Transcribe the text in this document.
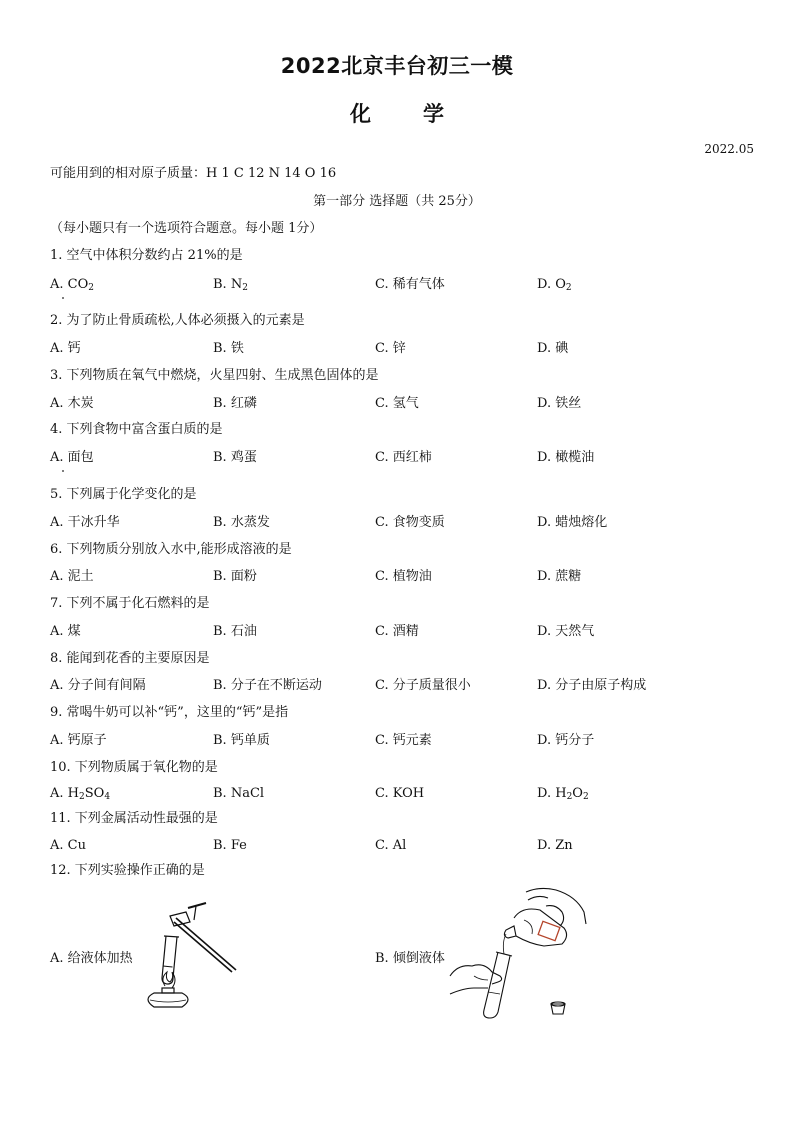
2022北京丰台初三一模
化 学
2022.05
可能用到的相对原子质量：H 1 C 12 N 14 O 16
第一部分 选择题（共 25分）
（每小题只有一个选项符合题意。每小题 1分）
1. 空气中体积分数约占 21%的是
A. $CO_2$	B. $N_2$	C. 稀有气体	D. $O_2$
2. 为了防止骨质疏松,人体必须摄入的元素是
A. 钙	B. 铁	C. 锌	D. 碘
3. 下列物质在氧气中燃烧，火星四射、生成黑色固体的是
A. 木炭	B. 红磷	C. 氢气	D. 铁丝
4. 下列食物中富含蛋白质的是
A. 面包	B. 鸡蛋	C. 西红柿	D. 橄榄油
5. 下列属于化学变化的是
A. 干冰升华	B. 水蒸发	C. 食物变质	D. 蜡烛熔化
6. 下列物质分别放入水中,能形成溶液的是
A. 泥土	B. 面粉	C. 植物油	D. 蔗糖
7. 下列不属于化石燃料的是
A. 煤	B. 石油	C. 酒精	D. 天然气
8. 能闻到花香的主要原因是
A. 分子间有间隔	B. 分子在不断运动	C. 分子质量很小	D. 分子由原子构成
9. 常喝牛奶可以补“钙”，这里的“钙”是指
A. 钙原子	B. 钙单质	C. 钙元素	D. 钙分子
10. 下列物质属于氧化物的是
A. $H_2SO_4$	B. NaCl	C. KOH	D. $H_2O_2$
11. 下列金属活动性最强的是
A. Cu	B. Fe	C. Al	D. Zn
12. 下列实验操作正确的是
A. 给液体加热	B. 倾倒液体
